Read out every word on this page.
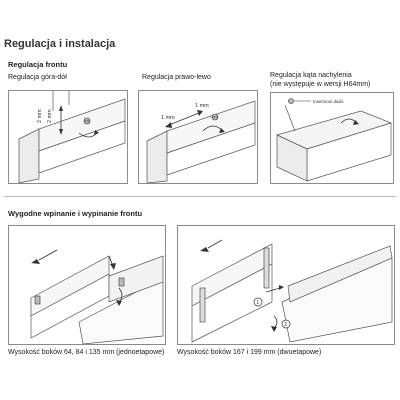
Regulacja i instalacja
Regulacja frontu
Regulacja góra-dół	Regulacja prawo-lewo	Regulacja kąta nachylenia
(nie występuje w wersji H64mm)
2 mm 2 mm	1 mm
1 mm
Inserzioni dado
Wygodne wpinanie i wypinanie frontu
Wysokość boków 64, 84 i 135 mm (jednoetapowe)
1
2
Wysokość boków 167 i 199 mm (dwuetapowe)
